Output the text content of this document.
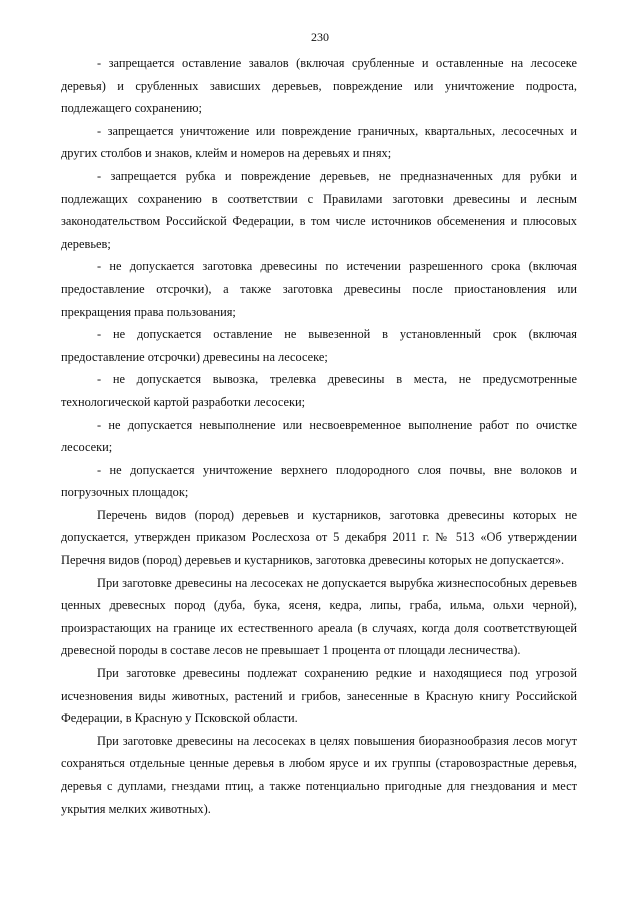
230

- запрещается оставление завалов (включая срубленные и оставленные на лесосеке деревья) и срубленных зависших деревьев, повреждение или уничтожение подроста, подлежащего сохранению;

- запрещается уничтожение или повреждение граничных, квартальных, лесосечных и других столбов и знаков, клейм и номеров на деревьях и пнях;

- запрещается рубка и повреждение деревьев, не предназначенных для рубки и подлежащих сохранению в соответствии с Правилами заготовки древесины и лесным законодательством Российской Федерации, в том числе источников обсеменения и плюсовых деревьев;

- не допускается заготовка древесины по истечении разрешенного срока (включая предоставление отсрочки), а также заготовка древесины после приостановления или прекращения права пользования;

- не допускается оставление не вывезенной в установленный срок (включая предоставление отсрочки) древесины на лесосеке;

- не допускается вывозка, трелевка древесины в места, не предусмотренные технологической картой разработки лесосеки;

- не допускается невыполнение или несвоевременное выполнение работ по очистке лесосеки;

- не допускается уничтожение верхнего плодородного слоя почвы, вне волоков и погрузочных площадок;

Перечень видов (пород) деревьев и кустарников, заготовка древесины которых не допускается, утвержден приказом Рослесхоза от 5 декабря 2011 г. № 513 «Об утверждении Перечня видов (пород) деревьев и кустарников, заготовка древесины которых не допускается».

При заготовке древесины на лесосеках не допускается вырубка жизнеспособных деревьев ценных древесных пород (дуба, бука, ясеня, кедра, липы, граба, ильма, ольхи черной), произрастающих на границе их естественного ареала (в случаях, когда доля соответствующей древесной породы в составе лесов не превышает 1 процента от площади лесничества).

При заготовке древесины подлежат сохранению редкие и находящиеся под угрозой исчезновения виды животных, растений и грибов, занесенные в Красную книгу Российской Федерации, в Красную у Псковской области.

При заготовке древесины на лесосеках в целях повышения биоразнообразия лесов могут сохраняться отдельные ценные деревья в любом ярусе и их группы (старовозрастные деревья, деревья с дуплами, гнездами птиц, а также потенциально пригодные для гнездования и мест укрытия мелких животных).
